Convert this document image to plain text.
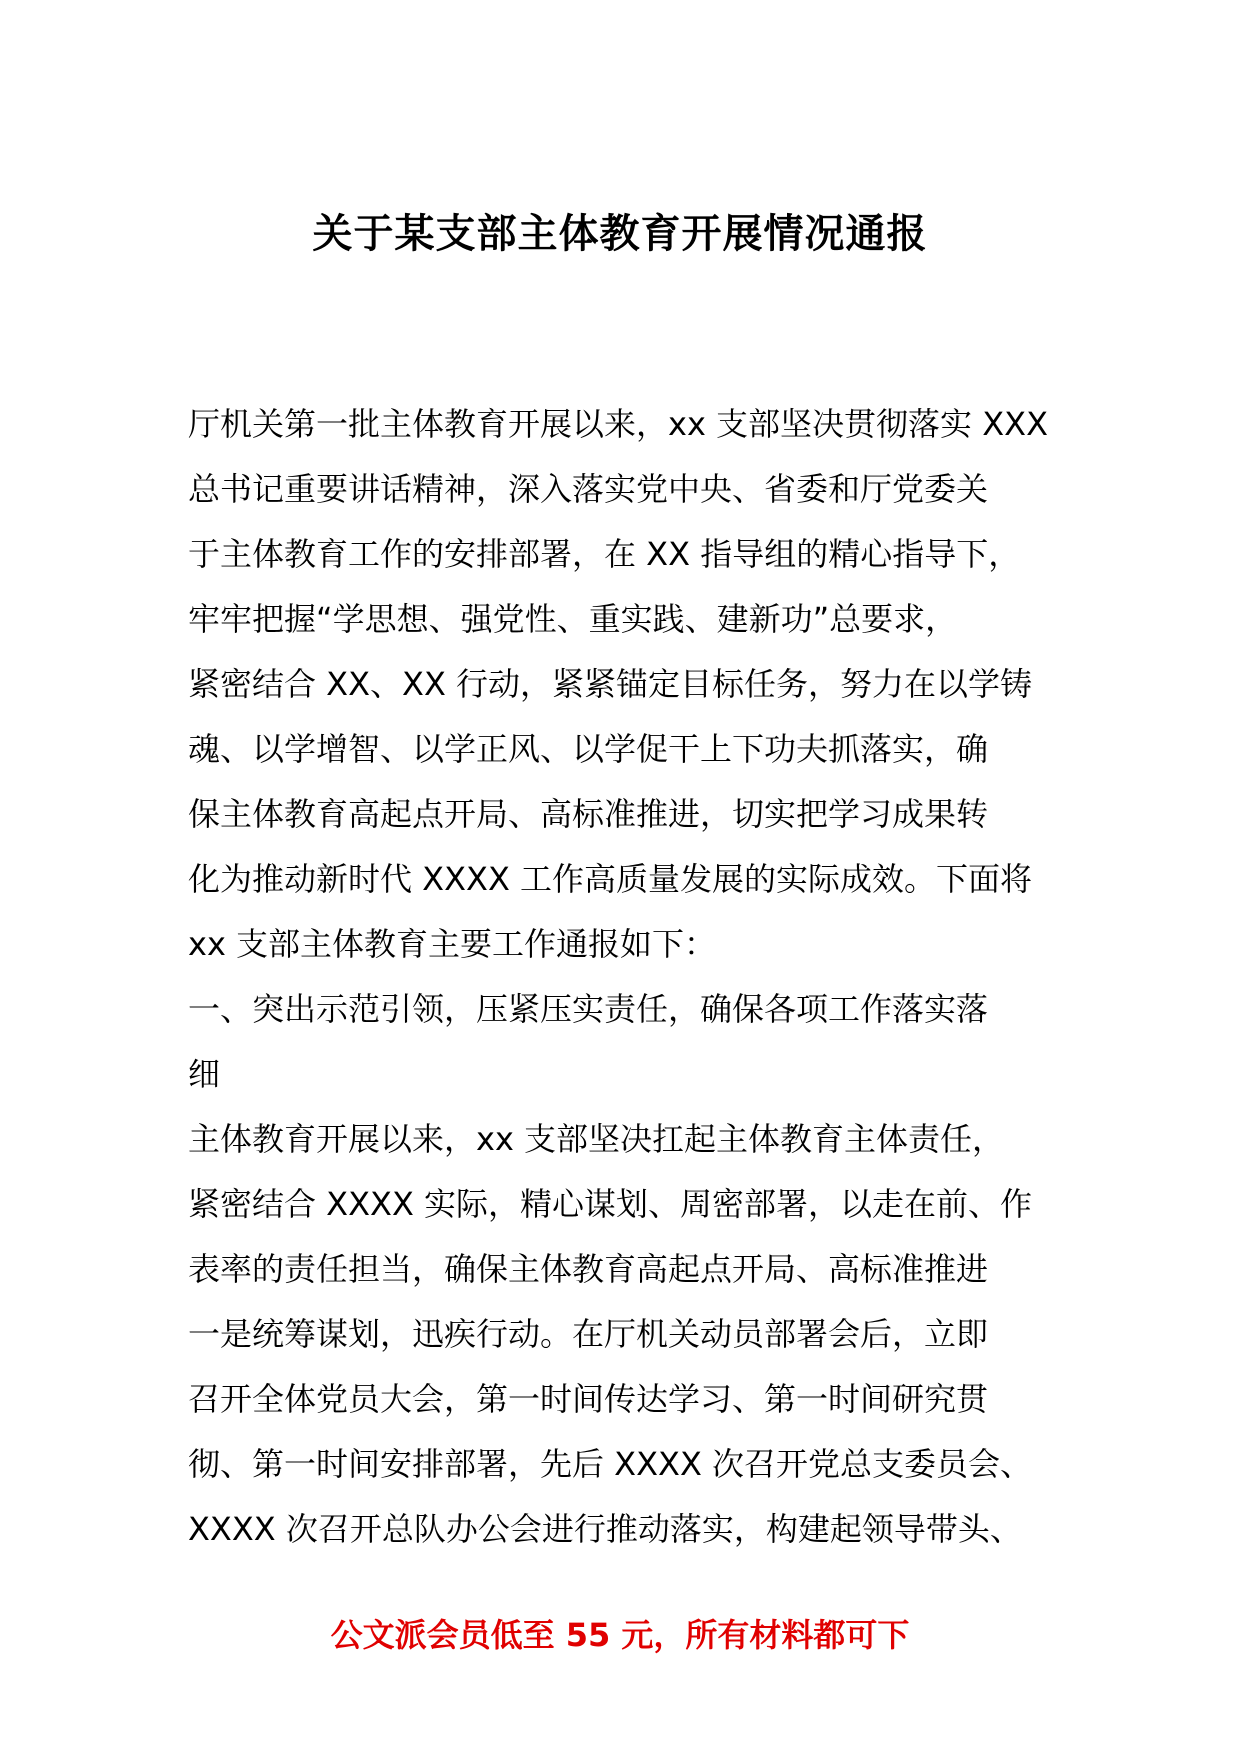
关于某支部主体教育开展情况通报
厅机关第一批主体教育开展以来，xx 支部坚决贯彻落实 XXX
总书记重要讲话精神，深入落实党中央、省委和厅党委关
于主体教育工作的安排部署，在 XX 指导组的精心指导下，
牢牢把握“学思想、强党性、重实践、建新功”总要求，
紧密结合 XX、XX 行动，紧紧锚定目标任务，努力在以学铸
魂、以学增智、以学正风、以学促干上下功夫抓落实，确
保主体教育高起点开局、高标准推进，切实把学习成果转
化为推动新时代 XXXX 工作高质量发展的实际成效。下面将
xx 支部主体教育主要工作通报如下：
一、突出示范引领，压紧压实责任，确保各项工作落实落
细
主体教育开展以来，xx 支部坚决扛起主体教育主体责任，
紧密结合 XXXX 实际，精心谋划、周密部署，以走在前、作
表率的责任担当，确保主体教育高起点开局、高标准推进
一是统筹谋划，迅疾行动。在厅机关动员部署会后，立即
召开全体党员大会，第一时间传达学习、第一时间研究贯
彻、第一时间安排部署，先后 XXXX 次召开党总支委员会、
XXXX 次召开总队办公会进行推动落实，构建起领导带头、
公文派会员低至 55 元，所有材料都可下
